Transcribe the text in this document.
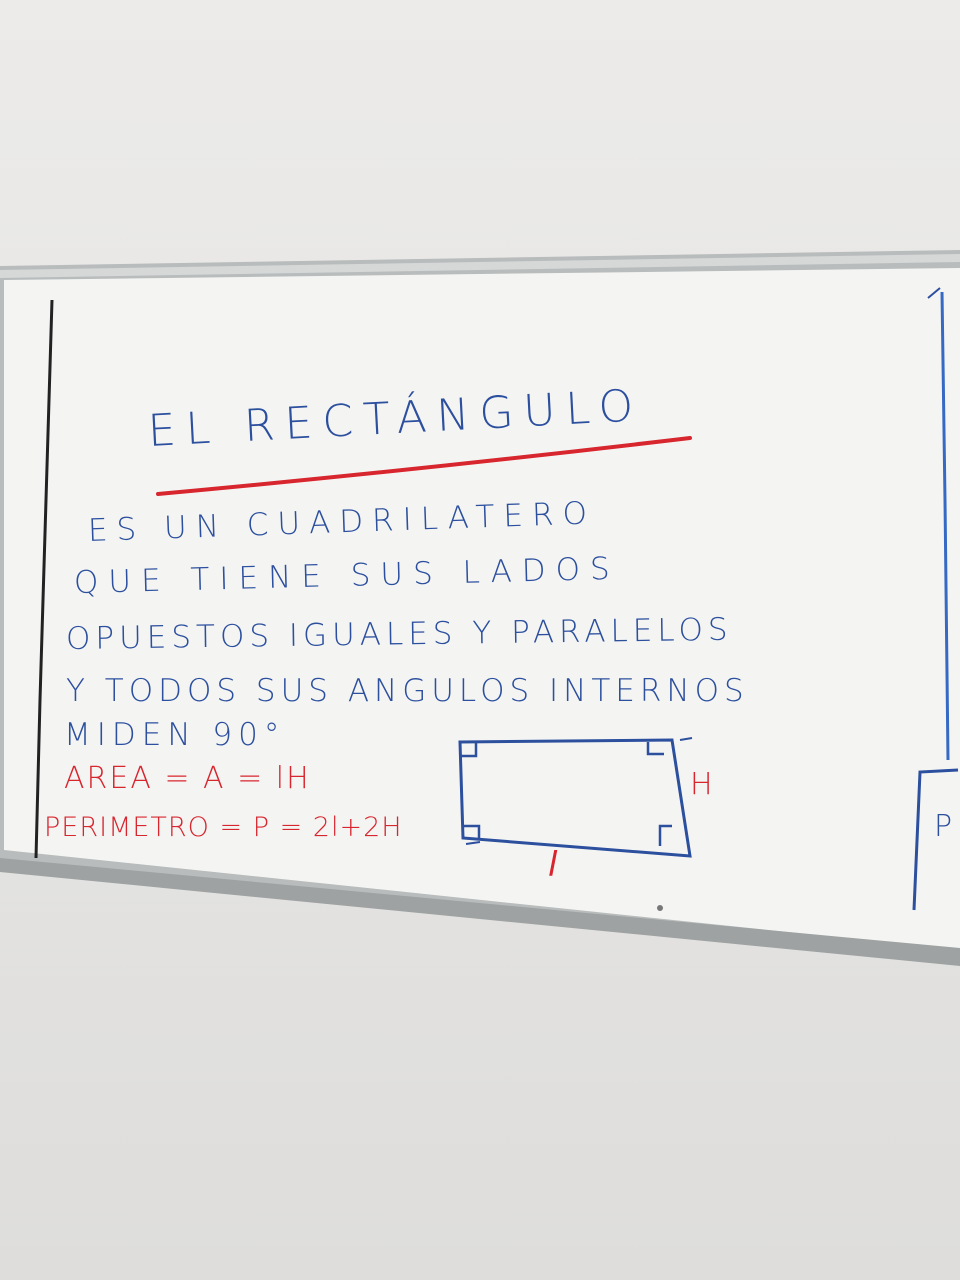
EL RECTÁNGULO
ES UN CUADRILATERO
QUE TIENE SUS LADOS
OPUESTOS IGUALES Y PARALELOS
Y TODOS SUS ANGULOS INTERNOS
MIDEN 90°
AREA = A = lH
PERIMETRO = P = 2l+2H
H
l
P
